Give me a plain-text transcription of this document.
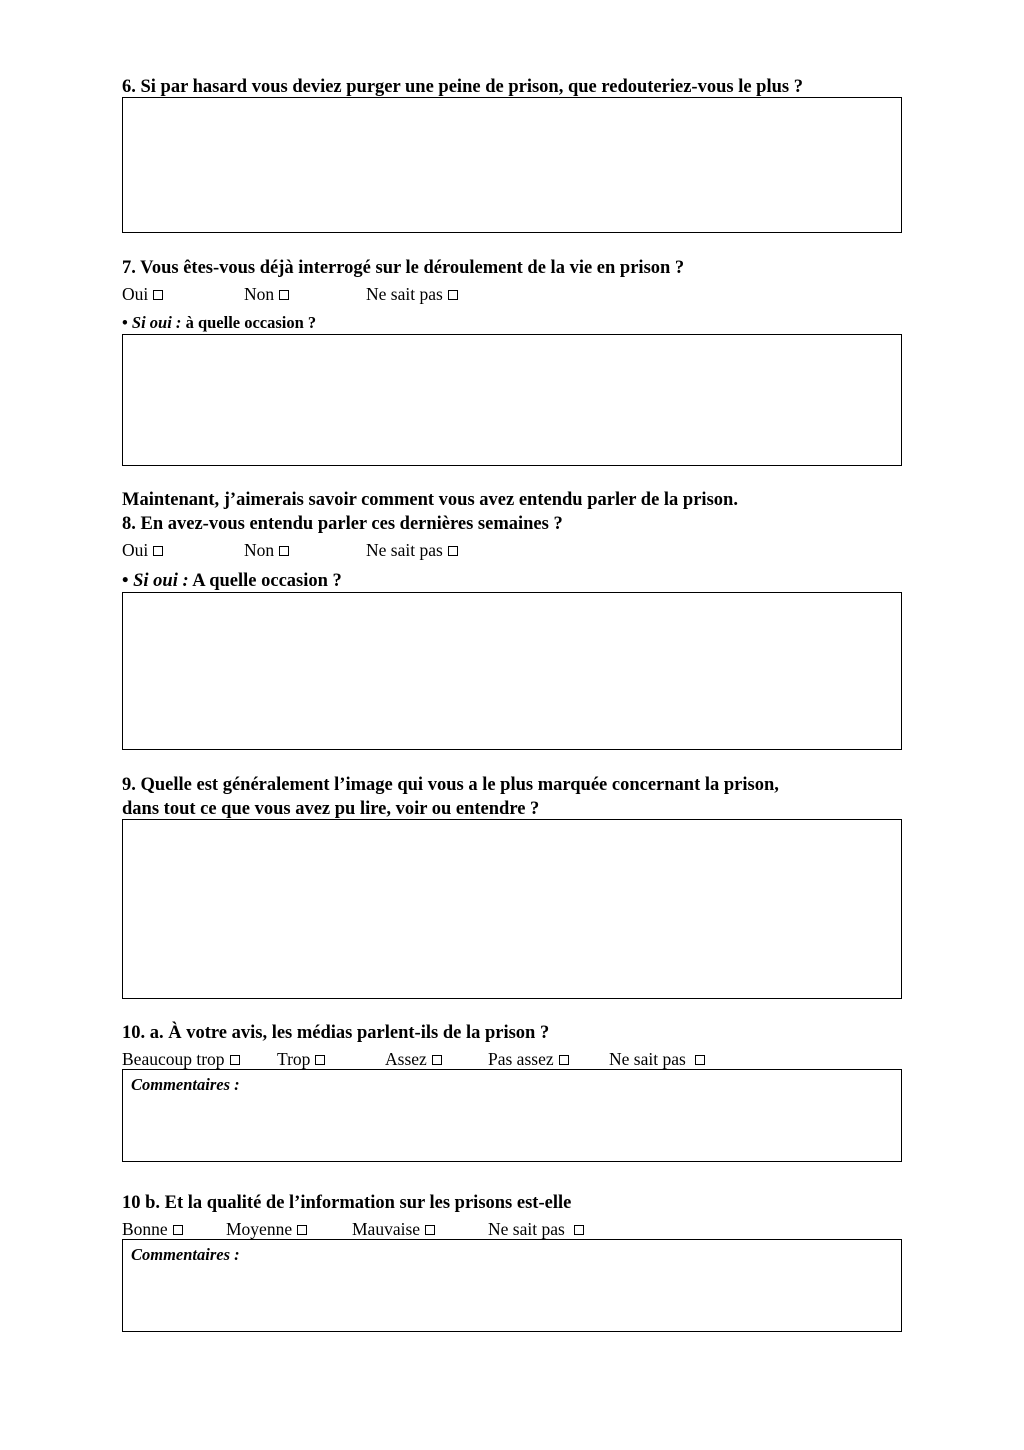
6. Si par hasard vous deviez purger une peine de prison, que redouteriez-vous le plus ?
7. Vous êtes-vous déjà interrogé sur le déroulement de la vie en prison ?
Oui	Non	Ne sait pas
• Si oui : à quelle occasion ?
Maintenant, j’aimerais savoir comment vous avez entendu parler de la prison.
8. En avez-vous entendu parler ces dernières semaines ?
Oui	Non	Ne sait pas
• Si oui : A quelle occasion ?
9. Quelle est généralement l’image qui vous a le plus marquée concernant la prison,
dans tout ce que vous avez pu lire, voir ou entendre ?
10. a. À votre avis, les médias parlent-ils de la prison ?
Beaucoup trop	Trop	Assez	Pas assez	Ne sait pas
Commentaires :
10 b. Et la qualité de l’information sur les prisons est-elle
Bonne	Moyenne	Mauvaise	Ne sait pas
Commentaires :
